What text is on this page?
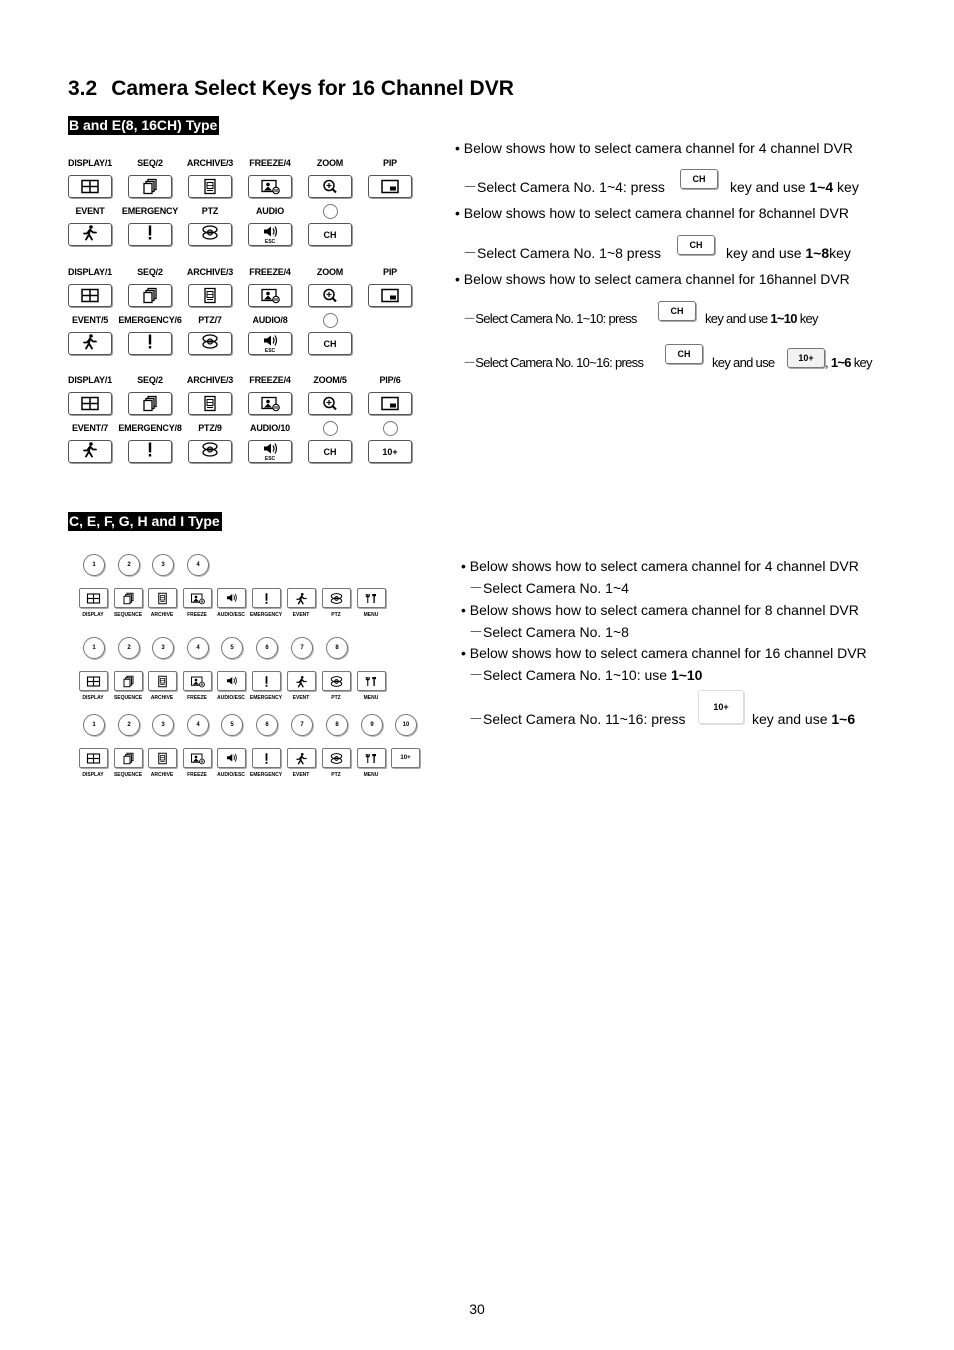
3.2 Camera Select Keys for 16 Channel DVR
B and E(8, 16CH) Type
DISPLAY/1	SEQ/2	ARCHIVE/3	FREEZE/4	ZOOM	PIP
EVENT	EMERGENCY	PTZ	AUDIO
ESC
CH
DISPLAY/1	SEQ/2	ARCHIVE/3	FREEZE/4	ZOOM	PIP
EVENT/5	EMERGENCY/6	PTZ/7	AUDIO/8
ESC
CH
DISPLAY/1	SEQ/2	ARCHIVE/3	FREEZE/4	ZOOM/5	PIP/6
EVENT/7	EMERGENCY/8	PTZ/9	AUDIO/10
ESC
CH	10+
• Below shows how to select camera channel for 4 channel DVR
－Select Camera No. 1~4: press	CH	key and use 1~4 key
• Below shows how to select camera channel for 8channel DVR
－Select Camera No. 1~8 press	CH	key and use 1~8key
• Below shows how to select camera channel for 16hannel DVR
－Select Camera No. 1~10: press	CH	key and use 1~10 key
－Select Camera No. 10~16: press
CH
key and use	10+ , 1~6 key
C, E, F, G, H and I Type
1	2	3	4
DISPLAY	SEQUENCE	ARCHIVE	FREEZE	AUDIO/ESC EMERGENCY	EVENT	PTZ	MENU
1	2	3	4	5	6	7	8
DISPLAY	SEQUENCE	ARCHIVE	FREEZE	AUDIO/ESC EMERGENCY	EVENT	PTZ	MENU
1	2	3	4	5	6	7	8	9	10
DISPLAY	SEQUENCE	ARCHIVE	FREEZE	AUDIO/ESC EMERGENCY	EVENT	PTZ	MENU
10+
• Below shows how to select camera channel for 4 channel DVR
－Select Camera No. 1~4
• Below shows how to select camera channel for 8 channel DVR
－Select Camera No. 1~8
• Below shows how to select camera channel for 16 channel DVR
－Select Camera No. 1~10: use 1~10
－Select Camera No. 11~16: press
10+
key and use 1~6
30
